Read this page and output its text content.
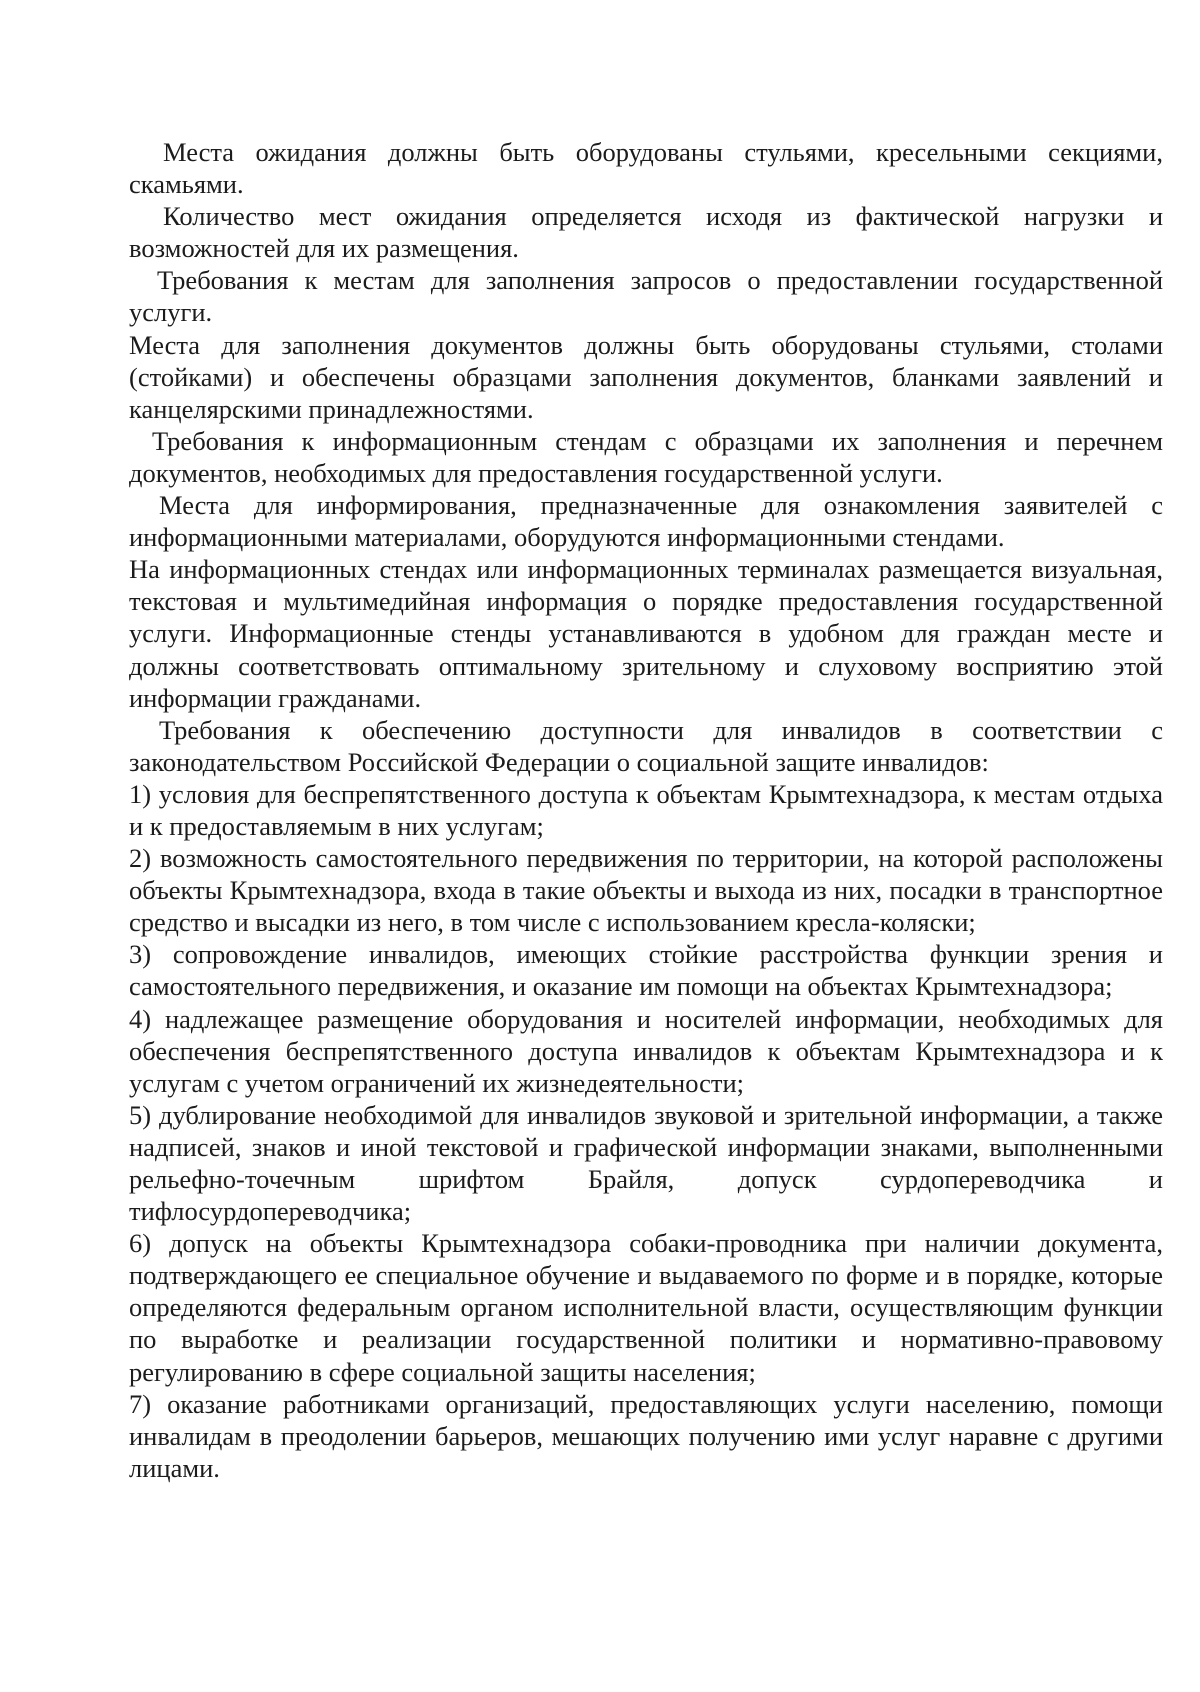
Места ожидания должны быть оборудованы стульями, кресельными секциями, скамьями.

Количество мест ожидания определяется исходя из фактической нагрузки и возможностей для их размещения.

Требования к местам для заполнения запросов о предоставлении государственной услуги.

Места для заполнения документов должны быть оборудованы стульями, столами (стойками) и обеспечены образцами заполнения документов, бланками заявлений и канцелярскими принадлежностями.

Требования к информационным стендам с образцами их заполнения и перечнем документов, необходимых для предоставления государственной услуги.

Места для информирования, предназначенные для ознакомления заявителей с информационными материалами, оборудуются информационными стендами.

На информационных стендах или информационных терминалах размещается визуальная, текстовая и мультимедийная информация о порядке предоставления государственной услуги. Информационные стенды устанавливаются в удобном для граждан месте и должны соответствовать оптимальному зрительному и слуховому восприятию этой информации гражданами.

Требования к обеспечению доступности для инвалидов в соответствии с законодательством Российской Федерации о социальной защите инвалидов:

1) условия для беспрепятственного доступа к объектам Крымтехнадзора, к местам отдыха и к предоставляемым в них услугам;

2) возможность самостоятельного передвижения по территории, на которой расположены объекты Крымтехнадзора, входа в такие объекты и выхода из них, посадки в транспортное средство и высадки из него, в том числе с использованием кресла-коляски;

3) сопровождение инвалидов, имеющих стойкие расстройства функции зрения и самостоятельного передвижения, и оказание им помощи на объектах Крымтехнадзора;

4) надлежащее размещение оборудования и носителей информации, необходимых для обеспечения беспрепятственного доступа инвалидов к объектам Крымтехнадзора и к услугам с учетом ограничений их жизнедеятельности;

5) дублирование необходимой для инвалидов звуковой и зрительной информации, а также надписей, знаков и иной текстовой и графической информации знаками, выполненными рельефно-точечным шрифтом Брайля, допуск сурдопереводчика и тифлосурдопереводчика;

6) допуск на объекты Крымтехнадзора собаки-проводника при наличии документа, подтверждающего ее специальное обучение и выдаваемого по форме и в порядке, которые определяются федеральным органом исполнительной власти, осуществляющим функции по выработке и реализации государственной политики и нормативно-правовому регулированию в сфере социальной защиты населения;

7) оказание работниками организаций, предоставляющих услуги населению, помощи инвалидам в преодолении барьеров, мешающих получению ими услуг наравне с другими лицами.
